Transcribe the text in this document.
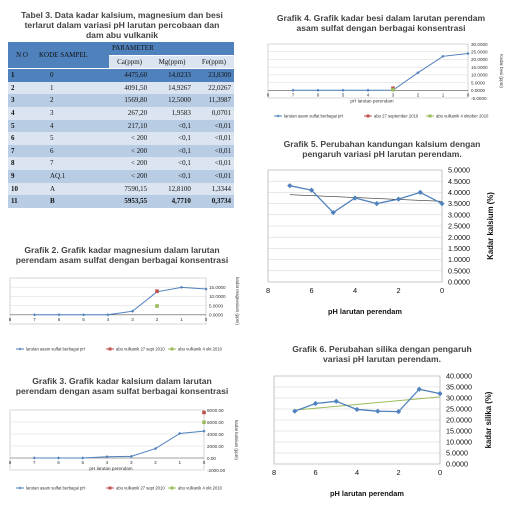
Tabel 3. Data kadar kalsium, magnesium dan besi
terlarut dalam variasi pH larutan percobaan dan
dam abu vulkanik
N O	KODE SAMPEL	PARAMETER		
		Ca(ppm)	Mg(ppm)	Fe(ppm)
1	0	4475,60	14,0233	23,8300
2	1	4091,50	14,9267	22,0267
3	2	1569,80	12,5000	11,3987
4	3	267,20	1,9583	0,0701
5	4	217,10	<0,1	<0,01
6	5	< 200	<0,1	<0,01
7	6	< 200	<0,1	<0,01
8	7	< 200	<0,1	<0,01
9	AQ.1	< 200	<0,1	<0,01
10	A	7590,15	12,8100	1,3344
11	B	5953,55	4,7710	0,3734
Grafik 2. Grafik kadar magnesium dalam larutan
perendam asam sulfat dengan berbagai konsentrasi
0.0000
5.0000
10.0000
15.0000
8	7	6	5	4	3	2	1	0	kadar magnesium (ppm)
larutan asam sulfat berbagai pH	abu vulkanik 27 sept 2010	abu vulkanik 4 okt 2010
Grafik 3. Grafik kadar kalsium dalam larutan
perendam dengan asam sulfat berbagai konsentrasi
-2000.00
0.00
2000.00
4000.00
6000.00
8000.00
8	7	6	5	4	3	2	1	0
kadar kalsium (ppm)
pH larutan perendam
larutan asam sulfat berbagai pH	abu vulkanik 27 sept 2010	abu vulkanik 4 okt 2010
Grafik 4. Grafik kadar besi dalam larutan perendam
asam sulfat dengan berbagai konsentrasi
-5.0000
0.0000
5.0000
10.0000
15.0000
20.0000
25.0000
30.0000
8	7	6	5	4	3	2	1	0
Kadar besi (ppm)
pH larutan perendam
larutan asam sulfat berbagai pH	abu 27 september 2010	abu vulkanik 4 oktober 2010
Grafik 5. Perubahan kandungan kalsium dengan
pengaruh variasi pH larutan perendam.
0.0000
0.5000
1.0000
1.5000
2.0000
2.5000
3.0000
3.5000
4.0000
4.5000
5.0000
8	6	4	2	0
pH larutan perendam
Kadar kalsium (%)
Grafik 6. Perubahan silika dengan pengaruh
variasi pH larutan perendam.
0.0000
5.0000
10.0000
15.0000
20.0000
25.0000
30.0000
35.0000
40.0000
8	6	4	2	0
pH larutan perendam
kadar silika (%)
